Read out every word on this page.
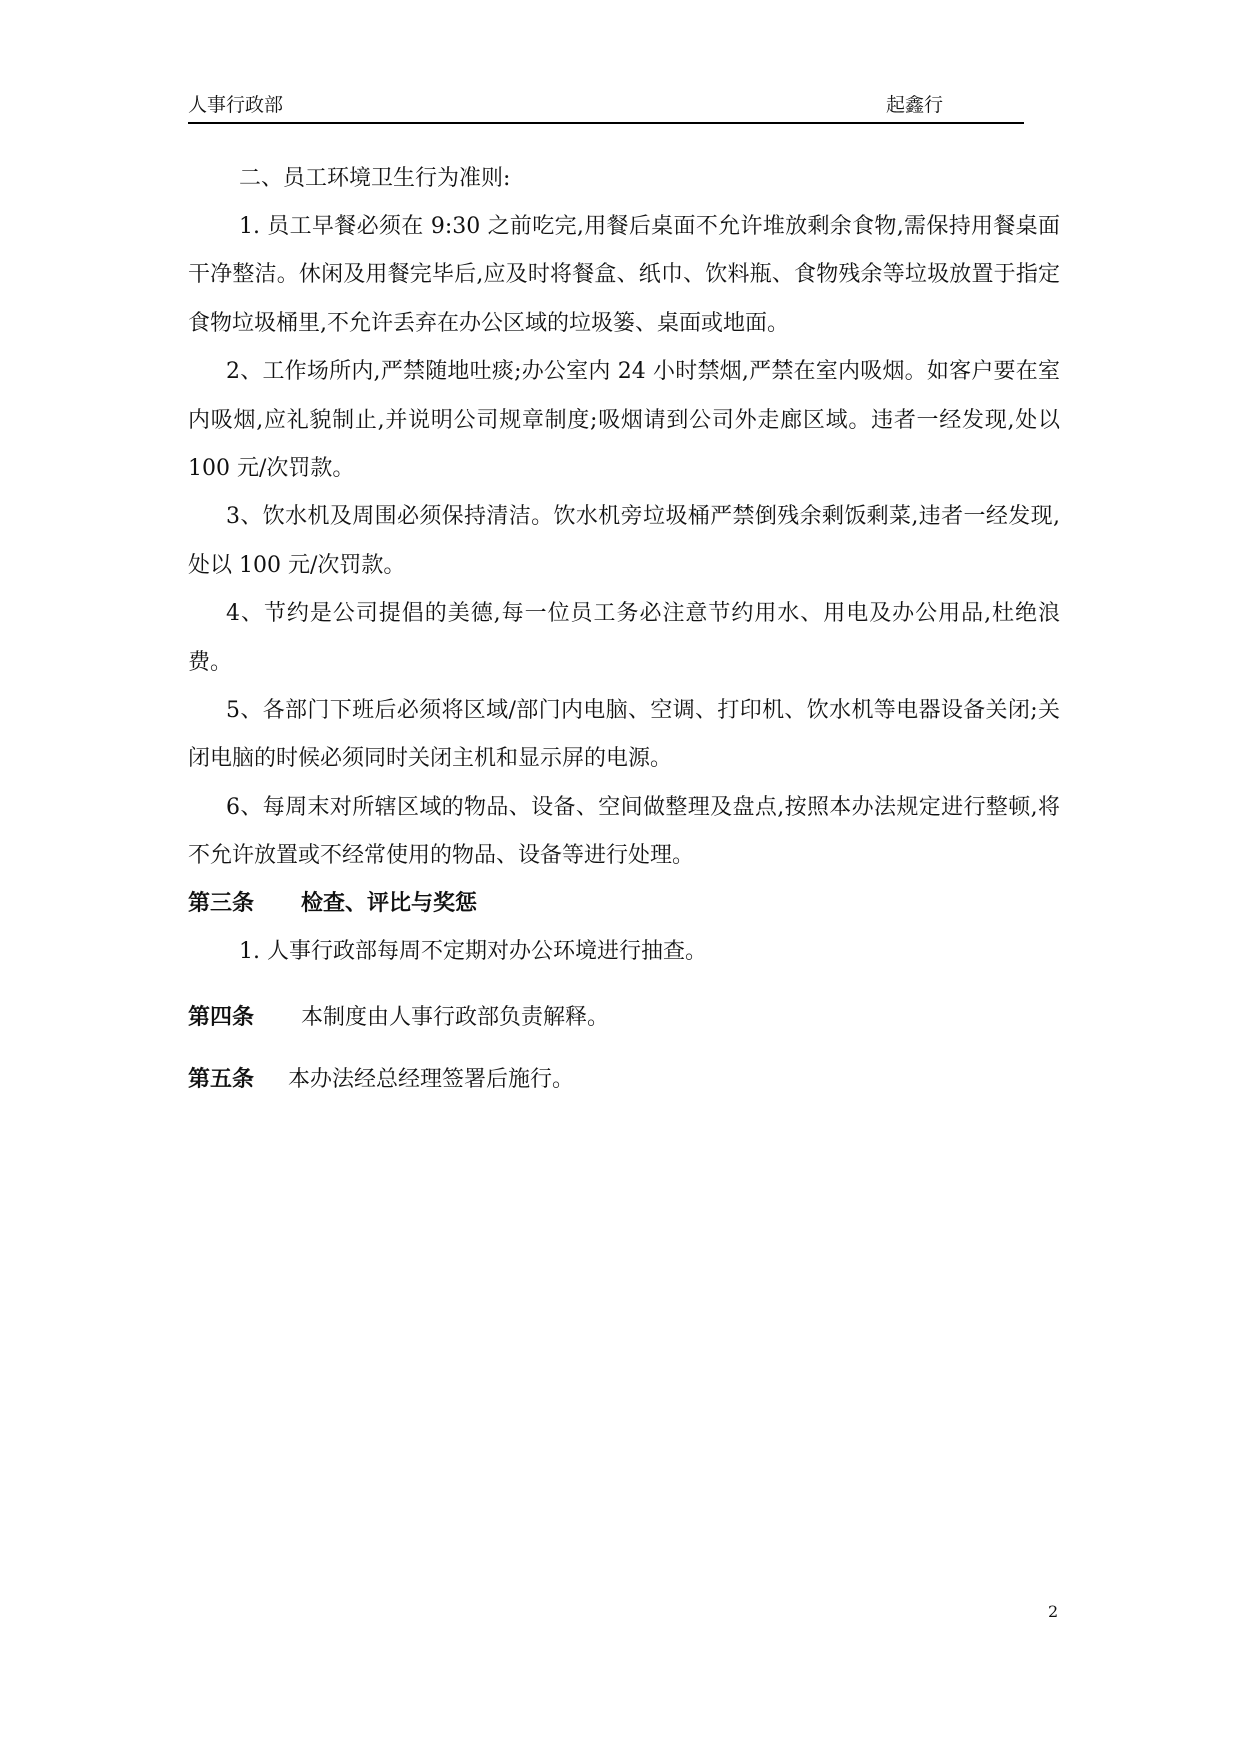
人事行政部	起鑫行

二、员工环境卫生行为准则:

1. 员工早餐必须在 9:30 之前吃完,用餐后桌面不允许堆放剩余食物,需保持用餐桌面干净整洁。休闲及用餐完毕后,应及时将餐盒、纸巾、饮料瓶、食物残余等垃圾放置于指定食物垃圾桶里,不允许丢弃在办公区域的垃圾篓、桌面或地面。

2、工作场所内,严禁随地吐痰;办公室内 24 小时禁烟,严禁在室内吸烟。如客户要在室内吸烟,应礼貌制止,并说明公司规章制度;吸烟请到公司外走廊区域。违者一经发现,处以 100 元/次罚款。

3、饮水机及周围必须保持清洁。饮水机旁垃圾桶严禁倒残余剩饭剩菜,违者一经发现,处以 100 元/次罚款。

4、节约是公司提倡的美德,每一位员工务必注意节约用水、用电及办公用品,杜绝浪费。

5、各部门下班后必须将区域/部门内电脑、空调、打印机、饮水机等电器设备关闭;关闭电脑的时候必须同时关闭主机和显示屏的电源。

6、每周末对所辖区域的物品、设备、空间做整理及盘点,按照本办法规定进行整顿,将不允许放置或不经常使用的物品、设备等进行处理。

第三条 检查、评比与奖惩

1. 人事行政部每周不定期对办公环境进行抽查。

第四条 本制度由人事行政部负责解释。

第五条 本办法经总经理签署后施行。

2
